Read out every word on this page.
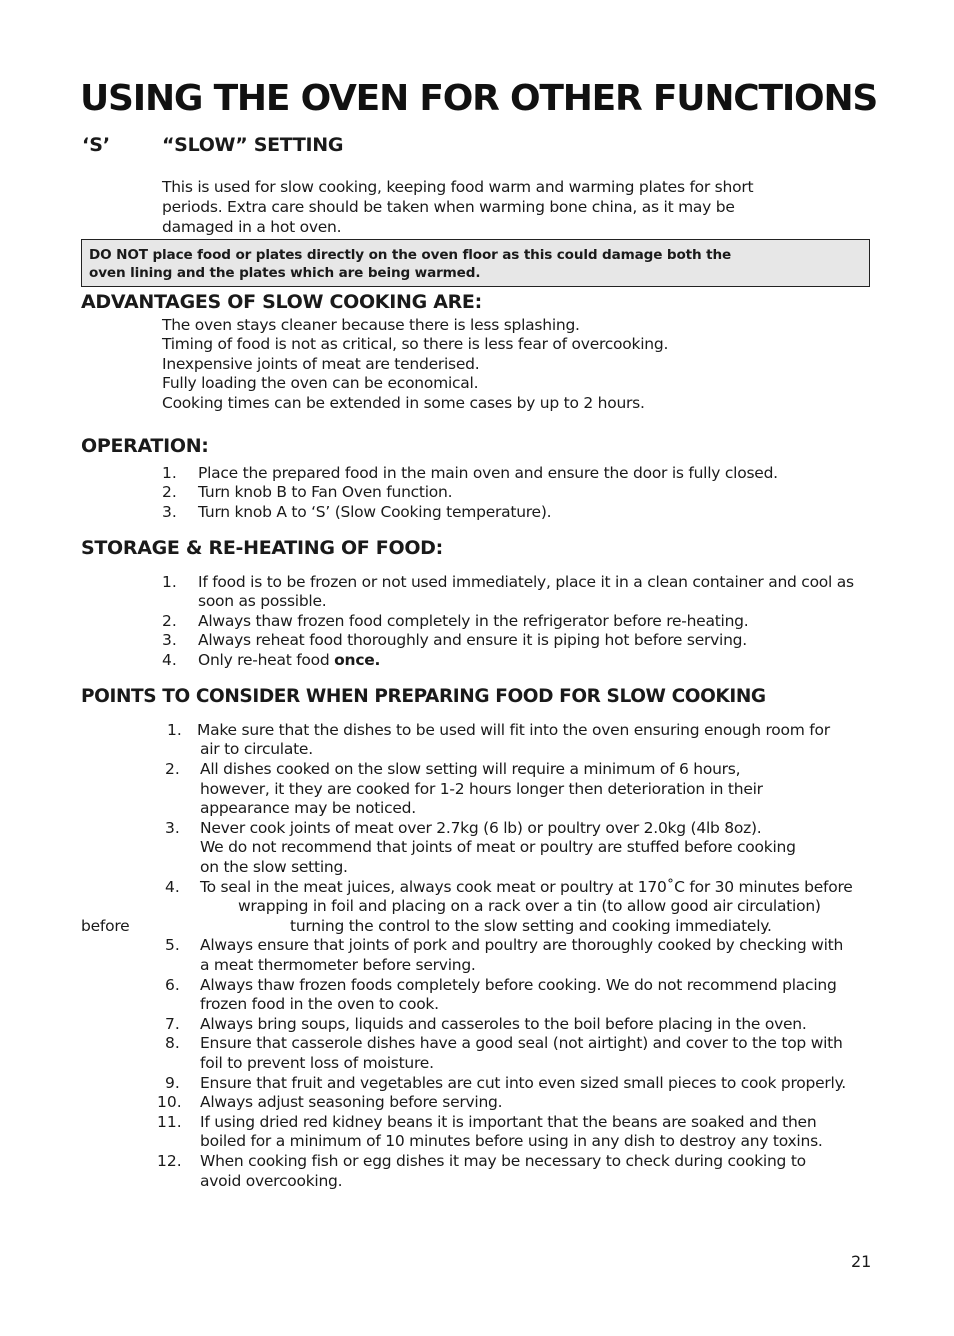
USING THE OVEN FOR OTHER FUNCTIONS
‘S’	“SLOW” SETTING
This is used for slow cooking, keeping food warm and warming plates for short
periods. Extra care should be taken when warming bone china, as it may be
damaged in a hot oven.
DO NOT place food or plates directly on the oven floor as this could damage both the
oven lining and the plates which are being warmed.
ADVANTAGES OF SLOW COOKING ARE:
The oven stays cleaner because there is less splashing.
Timing of food is not as critical, so there is less fear of overcooking.
Inexpensive joints of meat are tenderised.
Fully loading the oven can be economical.
Cooking times can be extended in some cases by up to 2 hours.
OPERATION:
1. Place the prepared food in the main oven and ensure the door is fully closed.
2. Turn knob B to Fan Oven function.
3. Turn knob A to ‘S’ (Slow Cooking temperature).
STORAGE & RE-HEATING OF FOOD:
1. If food is to be frozen or not used immediately, place it in a clean container and cool as
soon as possible.
2. Always thaw frozen food completely in the refrigerator before re-heating.
3. Always reheat food thoroughly and ensure it is piping hot before serving.
4. Only re-heat food once.
POINTS TO CONSIDER WHEN PREPARING FOOD FOR SLOW COOKING
1. Make sure that the dishes to be used will fit into the oven ensuring enough room for
air to circulate.
2. All dishes cooked on the slow setting will require a minimum of 6 hours,
however, it they are cooked for 1-2 hours longer then deterioration in their
appearance may be noticed.
3. Never cook joints of meat over 2.7kg (6 lb) or poultry over 2.0kg (4lb 8oz).
We do not recommend that joints of meat or poultry are stuffed before cooking
on the slow setting.
4. To seal in the meat juices, always cook meat or poultry at 170˚C for 30 minutes before
wrapping in foil and placing on a rack over a tin (to allow good air circulation)
before	turning the control to the slow setting and cooking immediately.
5. Always ensure that joints of pork and poultry are thoroughly cooked by checking with
a meat thermometer before serving.
6. Always thaw frozen foods completely before cooking. We do not recommend placing
frozen food in the oven to cook.
7. Always bring soups, liquids and casseroles to the boil before placing in the oven.
8. Ensure that casserole dishes have a good seal (not airtight) and cover to the top with
foil to prevent loss of moisture.
9. Ensure that fruit and vegetables are cut into even sized small pieces to cook properly.
10. Always adjust seasoning before serving.
11. If using dried red kidney beans it is important that the beans are soaked and then
boiled for a minimum of 10 minutes before using in any dish to destroy any toxins.
12. When cooking fish or egg dishes it may be necessary to check during cooking to
avoid overcooking.
21
